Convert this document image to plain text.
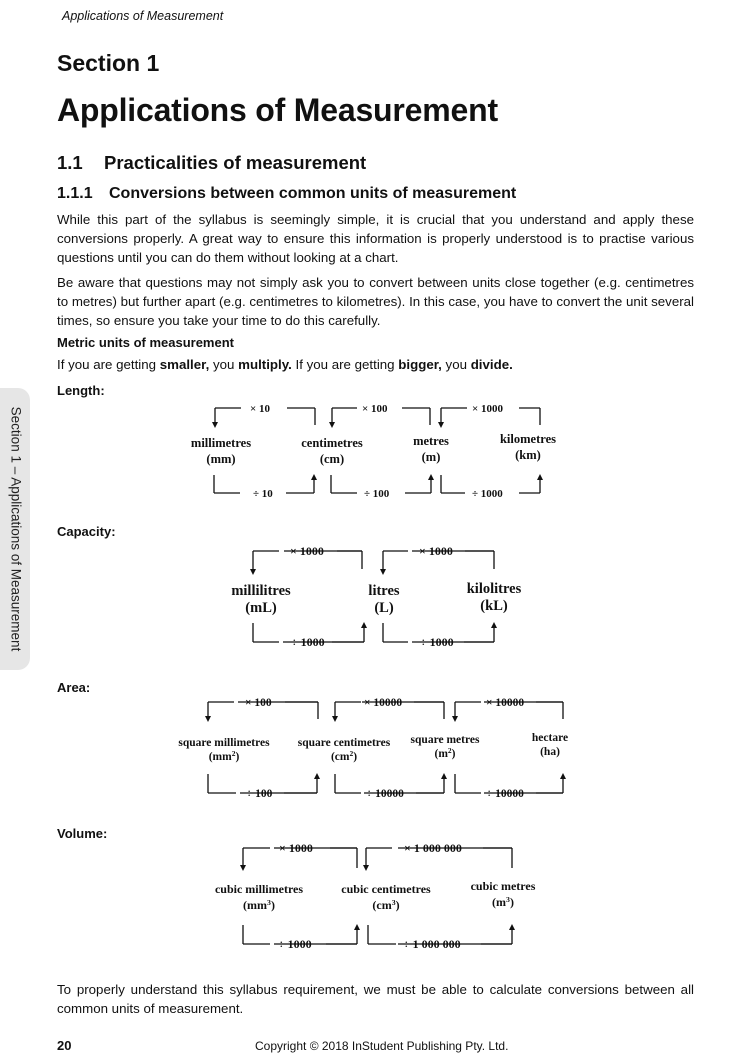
Applications of Measurement
Section 1
Applications of Measurement
1.1 Practicalities of measurement
1.1.1 Conversions between common units of measurement
While this part of the syllabus is seemingly simple, it is crucial that you understand and apply these conversions properly. A great way to ensure this information is properly understood is to practise various questions until you can do them without looking at a chart.
Be aware that questions may not simply ask you to convert between units close together (e.g. centimetres to metres) but further apart (e.g. centimetres to kilometres). In this case, you have to convert the unit several times, so ensure you take your time to do this carefully.
Metric units of measurement
If you are getting smaller, you multiply. If you are getting bigger, you divide.
Length:
Capacity:
Area:
Volume:
× 10	× 100	× 1000
÷ 10	÷ 100	÷ 1000
millimetres
(mm)
centimetres
(cm)
metres
(m)
kilometres
(km)
× 1000	× 1000
÷ 1000	÷ 1000
millilitres
(mL)
litres
(L)
kilolitres
(kL)
× 100	× 10000	× 10000
÷ 100	÷ 10000	÷ 10000
square millimetres
$(mm^2)$
square centimetres
$(cm^2)$
square metres
$(m^2)$
hectare
(ha)
× 1000	× 1 000 000
÷ 1000	÷ 1 000 000
cubic millimetres
$(mm^3)$
cubic centimetres
$(cm^3)$
cubic metres
$(m^3)$
To properly understand this syllabus requirement, we must be able to calculate conversions between all common units of measurement.
Section 1 – Applications of Measurement
20	Copyright © 2018 InStudent Publishing Pty. Ltd.
